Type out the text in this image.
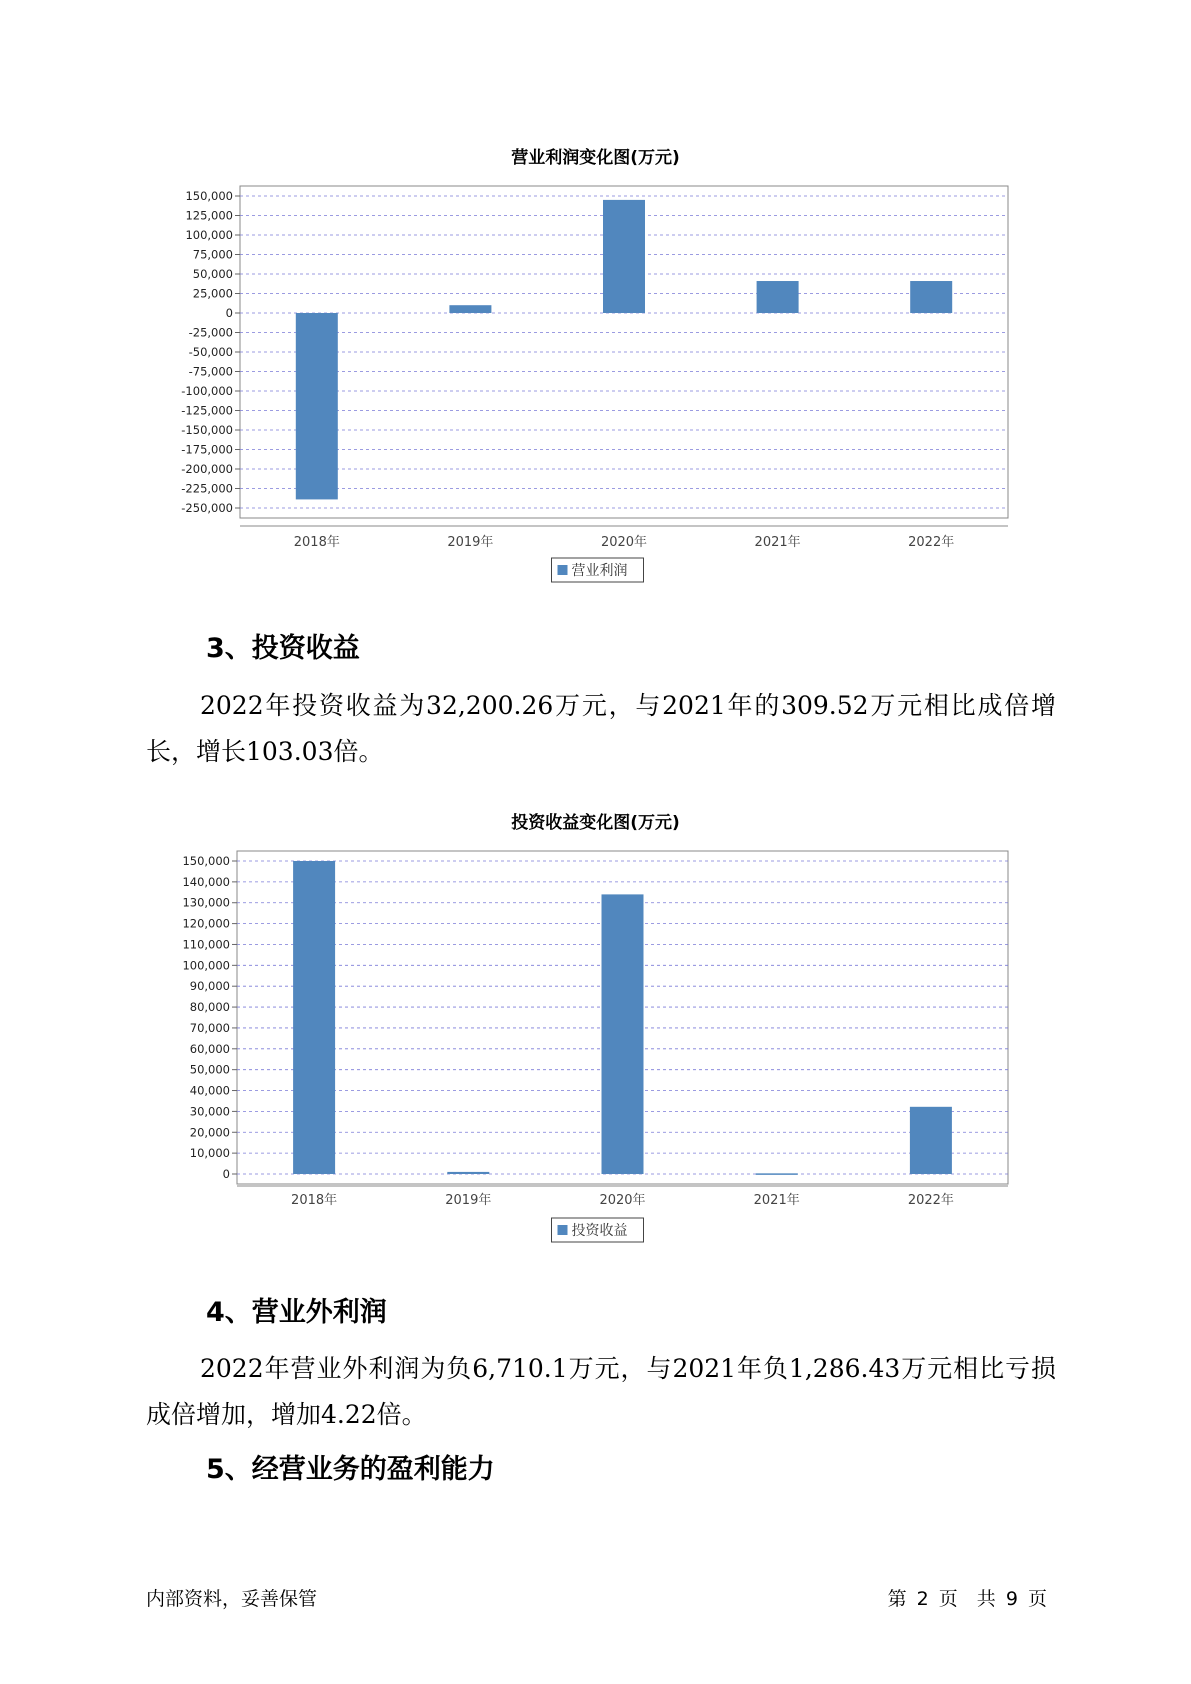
营业利润变化图(万元)
-250,000
-225,000
-200,000
-175,000
-150,000
-125,000
-100,000
-75,000
-50,000
-25,000
0
25,000
50,000
75,000
100,000
125,000
150,000
2018年	2019年	2020年	2021年	2022年
营业利润
3、投资收益

2022年投资收益为32,200.26万元，与2021年的309.52万元相比成倍增长，增长103.03倍。

投资收益变化图(万元)
0
10,000
20,000
30,000
40,000
50,000
60,000
70,000
80,000
90,000
100,000
110,000
120,000
130,000
140,000
150,000
2018年	2019年	2020年	2021年	2022年
投资收益
4、营业外利润

2022年营业外利润为负6,710.1万元，与2021年负1,286.43万元相比亏损成倍增加，增加4.22倍。

5、经营业务的盈利能力
内部资料，妥善保管	第 2 页　共 9 页
